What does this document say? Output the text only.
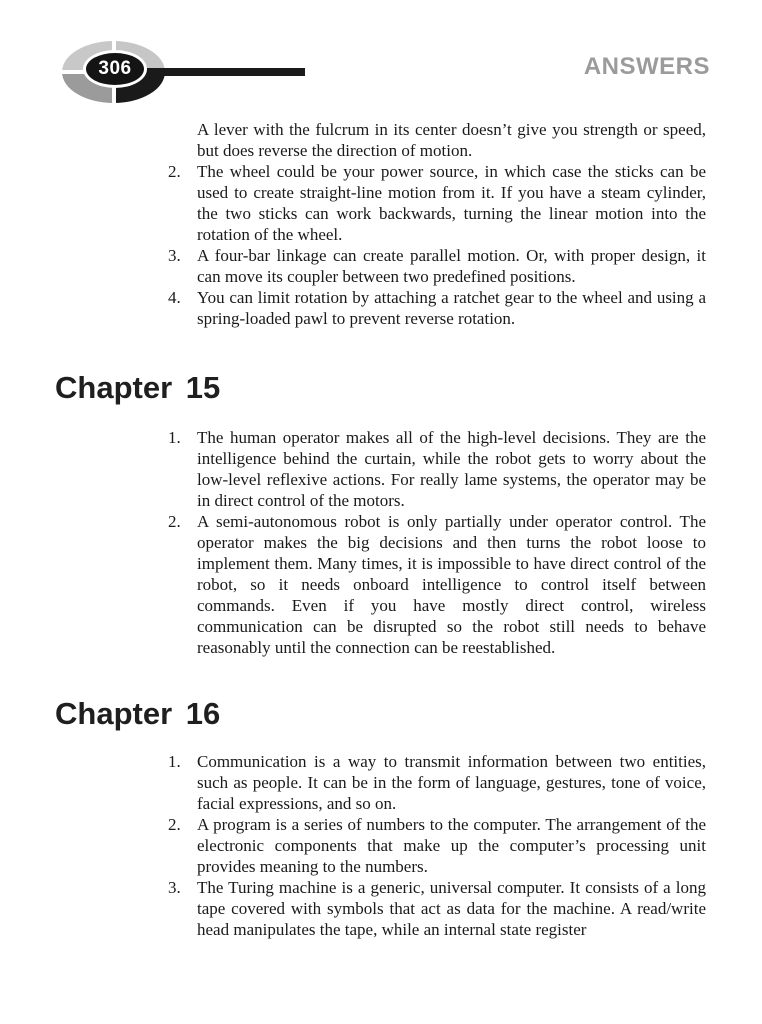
306	ANSWERS

A lever with the fulcrum in its center doesn’t give you strength or speed, but does reverse the direction of motion.

2. The wheel could be your power source, in which case the sticks can be used to create straight-line motion from it. If you have a steam cylinder, the two sticks can work backwards, turning the linear motion into the rotation of the wheel.
3. A four-bar linkage can create parallel motion. Or, with proper design, it can move its coupler between two predefined positions.
4. You can limit rotation by attaching a ratchet gear to the wheel and using a spring-loaded pawl to prevent reverse rotation.
Chapter 15
1. The human operator makes all of the high-level decisions. They are the intelligence behind the curtain, while the robot gets to worry about the low-level reflexive actions. For really lame systems, the operator may be in direct control of the motors.
2. A semi-autonomous robot is only partially under operator control. The operator makes the big decisions and then turns the robot loose to implement them. Many times, it is impossible to have direct control of the robot, so it needs onboard intelligence to control itself between commands. Even if you have mostly direct control, wireless communication can be disrupted so the robot still needs to behave reasonably until the connection can be reestablished.
Chapter 16
1. Communication is a way to transmit information between two entities, such as people. It can be in the form of language, gestures, tone of voice, facial expressions, and so on.
2. A program is a series of numbers to the computer. The arrangement of the electronic components that make up the computer’s processing unit provides meaning to the numbers.
3. The Turing machine is a generic, universal computer. It consists of a long tape covered with symbols that act as data for the machine. A read/write head manipulates the tape, while an internal state register
